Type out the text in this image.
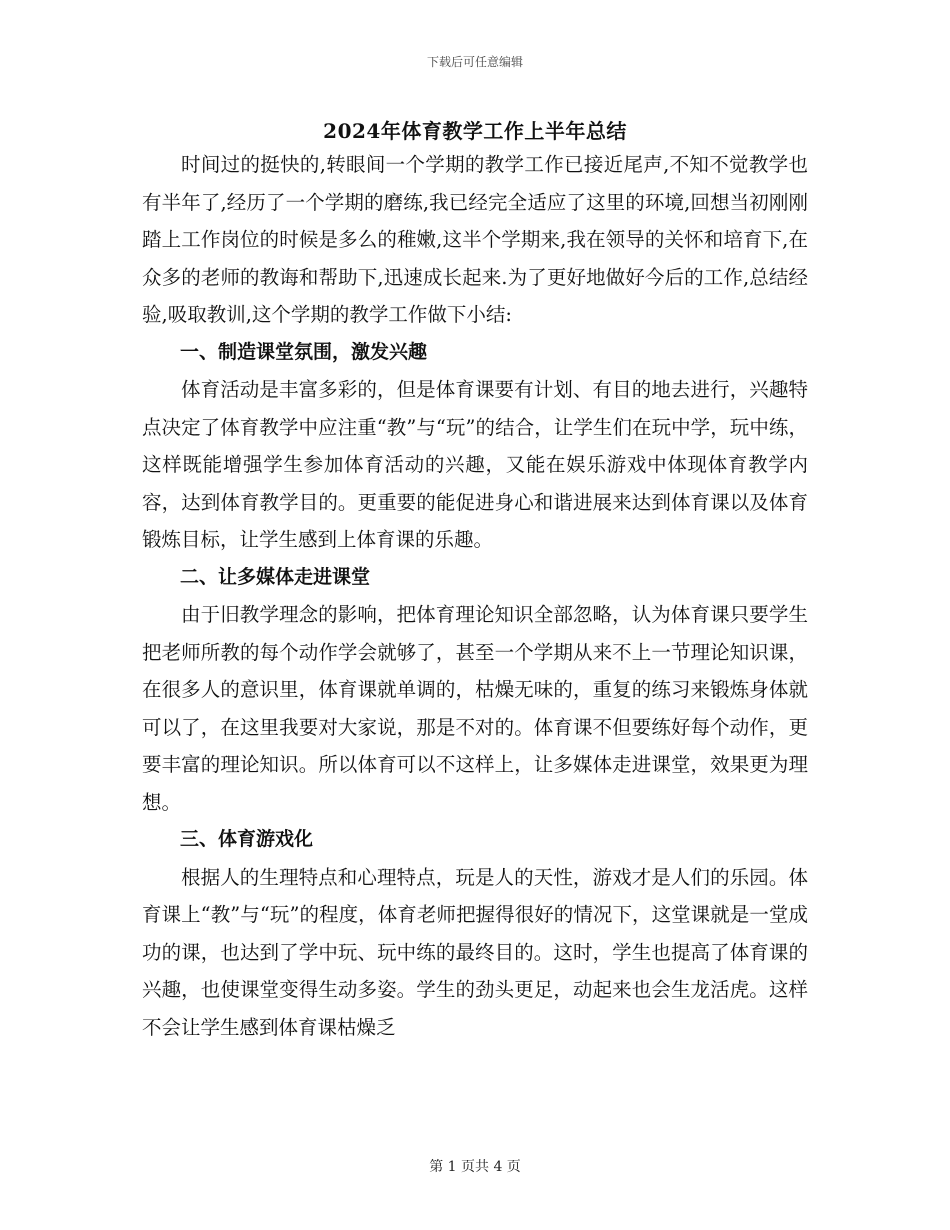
下载后可任意编辑
2024年体育教学工作上半年总结

时间过的挺快的,转眼间一个学期的教学工作已接近尾声,不知不觉教学也有半年了,经历了一个学期的磨练,我已经完全适应了这里的环境,回想当初刚刚踏上工作岗位的时候是多么的稚嫩,这半个学期来,我在领导的关怀和培育下,在众多的老师的教诲和帮助下,迅速成长起来.为了更好地做好今后的工作,总结经验,吸取教训,这个学期的教学工作做下小结:

一、制造课堂氛围，激发兴趣

体育活动是丰富多彩的，但是体育课要有计划、有目的地去进行，兴趣特点决定了体育教学中应注重“教”与“玩”的结合，让学生们在玩中学，玩中练，这样既能增强学生参加体育活动的兴趣，又能在娱乐游戏中体现体育教学内容，达到体育教学目的。更重要的能促进身心和谐进展来达到体育课以及体育锻炼目标，让学生感到上体育课的乐趣。

二、让多媒体走进课堂

由于旧教学理念的影响，把体育理论知识全部忽略，认为体育课只要学生把老师所教的每个动作学会就够了，甚至一个学期从来不上一节理论知识课，在很多人的意识里，体育课就单调的，枯燥无味的，重复的练习来锻炼身体就可以了，在这里我要对大家说，那是不对的。体育课不但要练好每个动作，更要丰富的理论知识。所以体育可以不这样上，让多媒体走进课堂，效果更为理想。

三、体育游戏化

根据人的生理特点和心理特点，玩是人的天性，游戏才是人们的乐园。体育课上“教”与“玩”的程度，体育老师把握得很好的情况下，这堂课就是一堂成功的课，也达到了学中玩、玩中练的最终目的。这时，学生也提高了体育课的兴趣，也使课堂变得生动多姿。学生的劲头更足，动起来也会生龙活虎。这样不会让学生感到体育课枯燥乏

第 1 页共 4 页
